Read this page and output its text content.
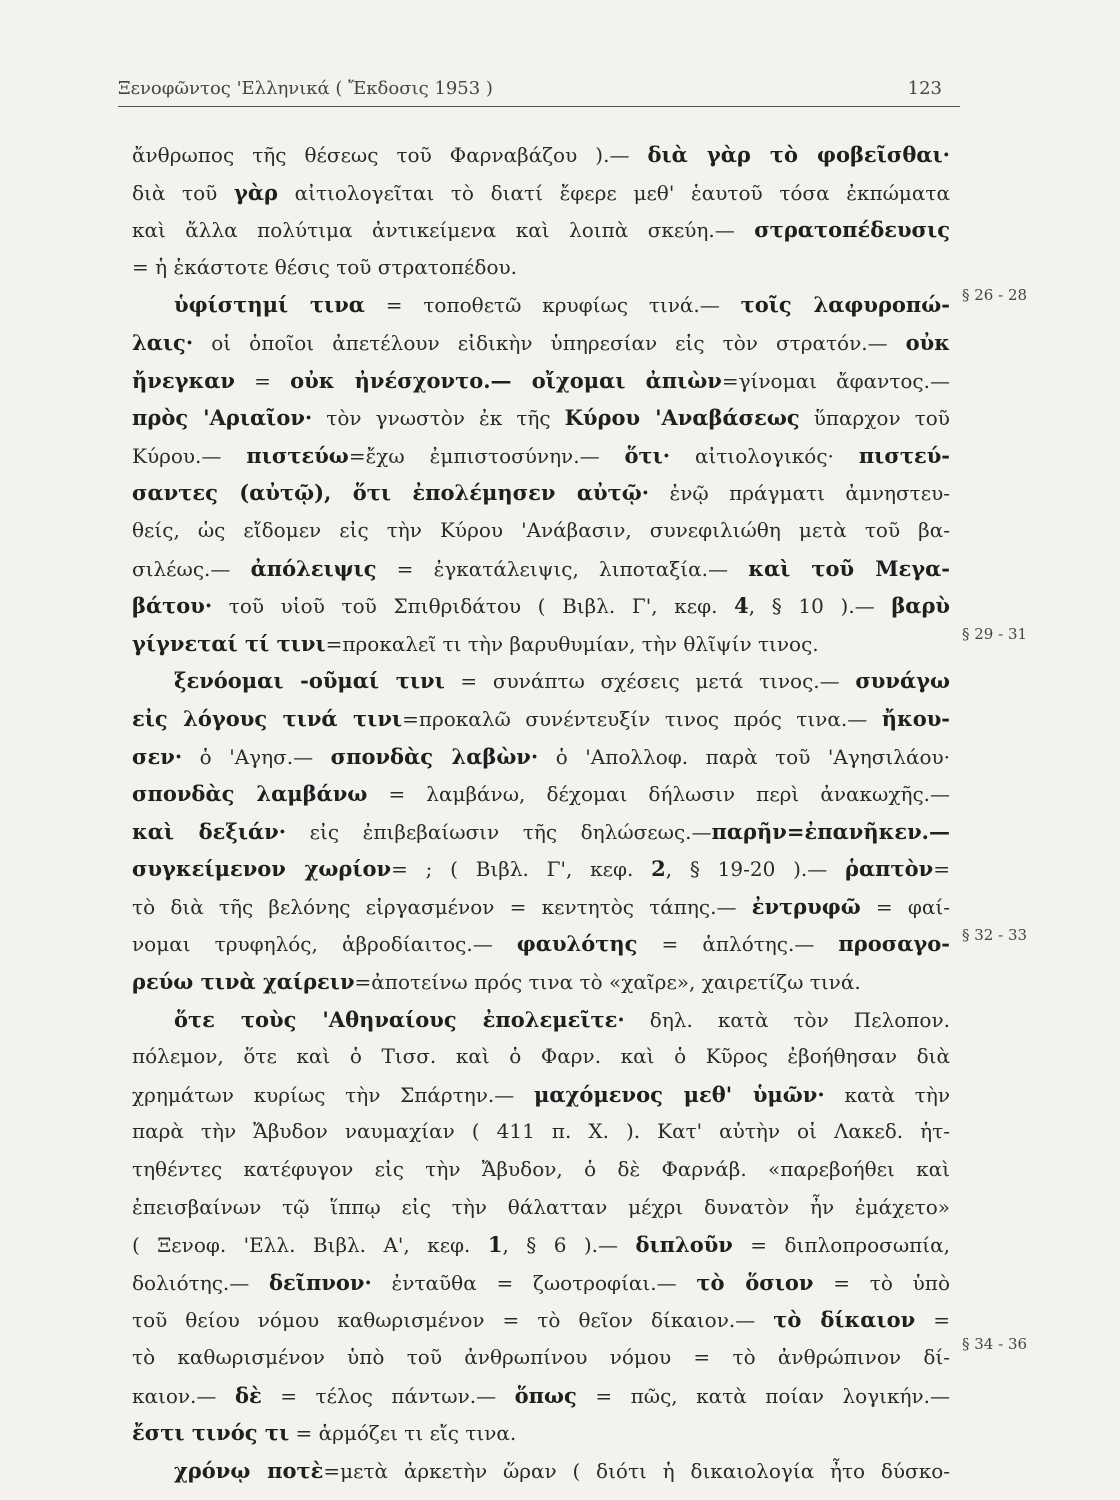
Ξενοφῶντος 'Ελληνικά ( Ἔκδοσις 1953 )	123
ἄνθρωπος τῆς θέσεως τοῦ Φαρναβάζου ).— διὰ γὰρ τὸ φοβεῖσθαι·
διὰ τοῦ γὰρ αἰτιολογεῖται τὸ διατί ἔφερε μεθ' ἑαυτοῦ τόσα ἐκπώματα
καὶ ἄλλα πολύτιμα ἀντικείμενα καὶ λοιπὰ σκεύη.— στρατοπέδευσις
= ἡ ἑκάστοτε θέσις τοῦ στρατοπέδου.
ὑφίστημί τινα = τοποθετῶ κρυφίως τινά.— τοῖς λαφυροπώ-
λαις· οἱ ὁποῖοι ἀπετέλουν εἰδικὴν ὑπηρεσίαν εἰς τὸν στρατόν.— οὐκ
ἤνεγκαν = οὐκ ἠνέσχοντο.— οἴχομαι ἀπιὼν=γίνομαι ἄφαντος.—
πρὸς 'Αριαῖον· τὸν γνωστὸν ἐκ τῆς Κύρου 'Αναβάσεως ὕπαρχον τοῦ
Κύρου.— πιστεύω=ἔχω ἐμπιστοσύνην.— ὅτι· αἰτιολογικός· πιστεύ-
σαντες (αὐτῷ), ὅτι ἐπολέμησεν αὐτῷ· ἐνῷ πράγματι ἀμνηστευ-
θείς, ὡς εἴδομεν εἰς τὴν Κύρου 'Ανάβασιν, συνεφιλιώθη μετὰ τοῦ βα-
σιλέως.— ἀπόλειψις = ἐγκατάλειψις, λιποταξία.— καὶ τοῦ Μεγα-
βάτου· τοῦ υἱοῦ τοῦ Σπιθριδάτου ( Βιβλ. Γ', κεφ. 4, § 10 ).— βαρὺ
γίγνεταί τί τινι=προκαλεῖ τι τὴν βαρυθυμίαν, τὴν θλῖψίν τινος.
ξενόομαι -οῦμαί τινι = συνάπτω σχέσεις μετά τινος.— συνάγω
εἰς λόγους τινά τινι=προκαλῶ συνέντευξίν τινος πρός τινα.— ἤκου-
σεν· ὁ 'Αγησ.— σπονδὰς λαβὼν· ὁ 'Απολλοφ. παρὰ τοῦ 'Αγησιλάου·
σπονδὰς λαμβάνω = λαμβάνω, δέχομαι δήλωσιν περὶ ἀνακωχῆς.—
καὶ δεξιάν· εἰς ἐπιβεβαίωσιν τῆς δηλώσεως.—παρῆν=ἐπανῆκεν.—
συγκείμενον χωρίον= ; ( Βιβλ. Γ', κεφ. 2, § 19-20 ).— ῥαπτὸν=
τὸ διὰ τῆς βελόνης εἰργασμένον = κεντητὸς τάπης.— ἐντρυφῶ = φαί-
νομαι τρυφηλός, ἁβροδίαιτος.— φαυλότης = ἁπλότης.— προσαγο-
ρεύω τινὰ χαίρειν=ἀποτείνω πρός τινα τὸ «χαῖρε», χαιρετίζω τινά.
ὅτε τοὺς 'Αθηναίους ἐπολεμεῖτε· δηλ. κατὰ τὸν Πελοπον.
πόλεμον, ὅτε καὶ ὁ Τισσ. καὶ ὁ Φαρν. καὶ ὁ Κῦρος ἐβοήθησαν διὰ
χρημάτων κυρίως τὴν Σπάρτην.— μαχόμενος μεθ' ὑμῶν· κατὰ τὴν
παρὰ τὴν Ἄβυδον ναυμαχίαν ( 411 π. Χ. ). Κατ' αὐτὴν οἱ Λακεδ. ἡτ-
τηθέντες κατέφυγον εἰς τὴν Ἄβυδον, ὁ δὲ Φαρνάβ. «παρεβοήθει καὶ
ἐπεισβαίνων τῷ ἵππῳ εἰς τὴν θάλατταν μέχρι δυνατὸν ἦν ἐμάχετο»
( Ξενοφ. 'Ελλ. Βιβλ. Α', κεφ. 1, § 6 ).— διπλοῦν = διπλοπροσωπία,
δολιότης.— δεῖπνον· ἐνταῦθα = ζωοτροφίαι.— τὸ ὅσιον = τὸ ὑπὸ
τοῦ θείου νόμου καθωρισμένον = τὸ θεῖον δίκαιον.— τὸ δίκαιον =
τὸ καθωρισμένον ὑπὸ τοῦ ἀνθρωπίνου νόμου = τὸ ἀνθρώπινον δί-
καιον.— δὲ = τέλος πάντων.— ὅπως = πῶς, κατὰ ποίαν λογικήν.—
ἔστι τινός τι = ἁρμόζει τι εἴς τινα.
χρόνῳ ποτὲ=μετὰ ἀρκετὴν ὥραν ( διότι ἡ δικαιολογία ἦτο δύσκο-
§ 26 - 28
§ 29 - 31
§ 32 - 33
§ 34 - 36
